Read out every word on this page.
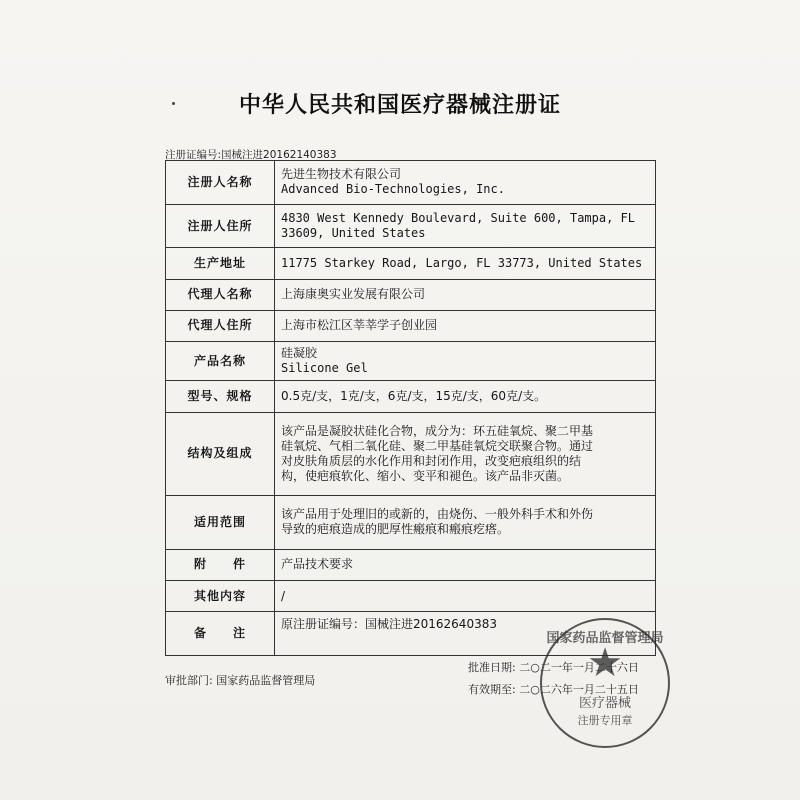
中华人民共和国医疗器械注册证
注册证编号:国械注进20162140383
注册人名称	先进生物技术有限公司
Advanced Bio-Technologies, Inc.

注册人住所	4830 West Kennedy Boulevard, Suite 600, Tampa, FL
33609, United States

生产地址	11775 Starkey Road, Largo, FL 33773, United States

代理人名称	上海康奥实业发展有限公司

代理人住所	上海市松江区莘莘学子创业园

产品名称	硅凝胶
Silicone Gel

型号、规格	0.5克/支，1克/支，6克/支，15克/支，60克/支。

结构及组成	该产品是凝胶状硅化合物，成分为：环五硅氧烷、聚二甲基
硅氧烷、气相二氧化硅、聚二甲基硅氧烷交联聚合物。通过
对皮肤角质层的水化作用和封闭作用，改变疤痕组织的结
构，使疤痕软化、缩小、变平和褪色。该产品非灭菌。

适用范围	该产品用于处理旧的或新的，由烧伤、一般外科手术和外伤
导致的疤痕造成的肥厚性瘢痕和瘢痕疙瘩。

附　　件	产品技术要求

其他内容	/

备　　注	原注册证编号：国械注进20162640383
审批部门: 国家药品监督管理局
批准日期: 二○二一年一月二十六日
有效期至: 二○二六年一月二十五日
国家药品监督管理局
★
医疗器械
注册专用章
